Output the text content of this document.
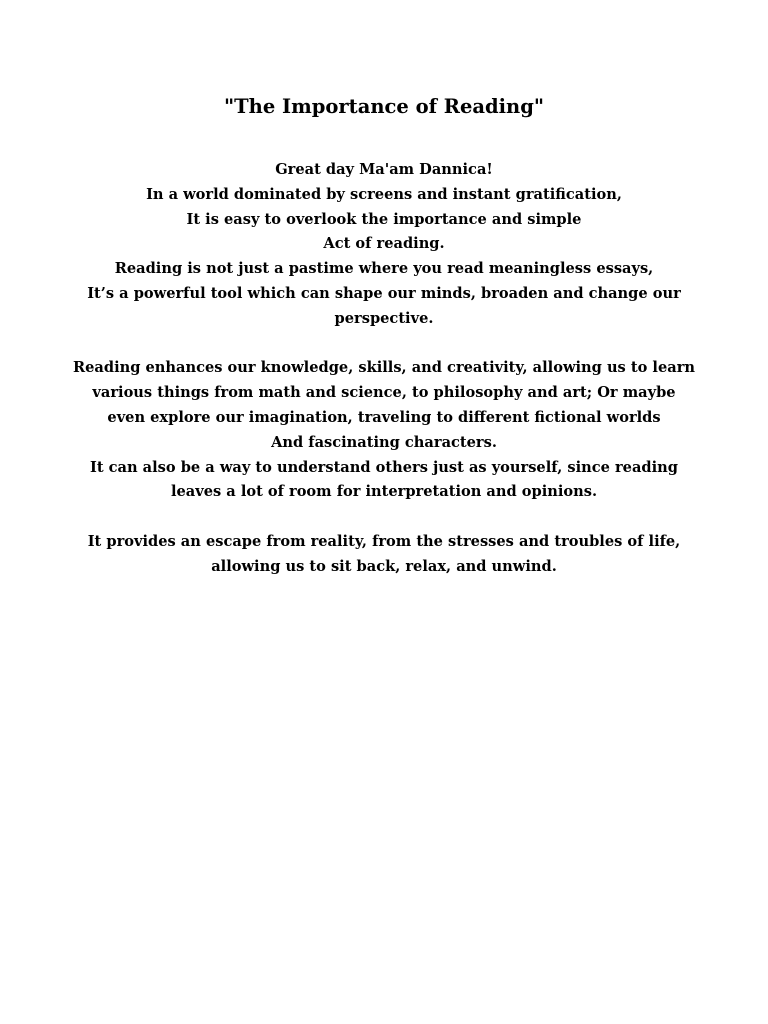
"The Importance of Reading"
Great day Ma'am Dannica!
In a world dominated by screens and instant gratification,
It is easy to overlook the importance and simple
Act of reading.
Reading is not just a pastime where you read meaningless essays,
It’s a powerful tool which can shape our minds, broaden and change our
perspective.
Reading enhances our knowledge, skills, and creativity, allowing us to learn
various things from math and science, to philosophy and art; Or maybe
even explore our imagination, traveling to different fictional worlds
And fascinating characters.
It can also be a way to understand others just as yourself, since reading
leaves a lot of room for interpretation and opinions.
It provides an escape from reality, from the stresses and troubles of life,
allowing us to sit back, relax, and unwind.
